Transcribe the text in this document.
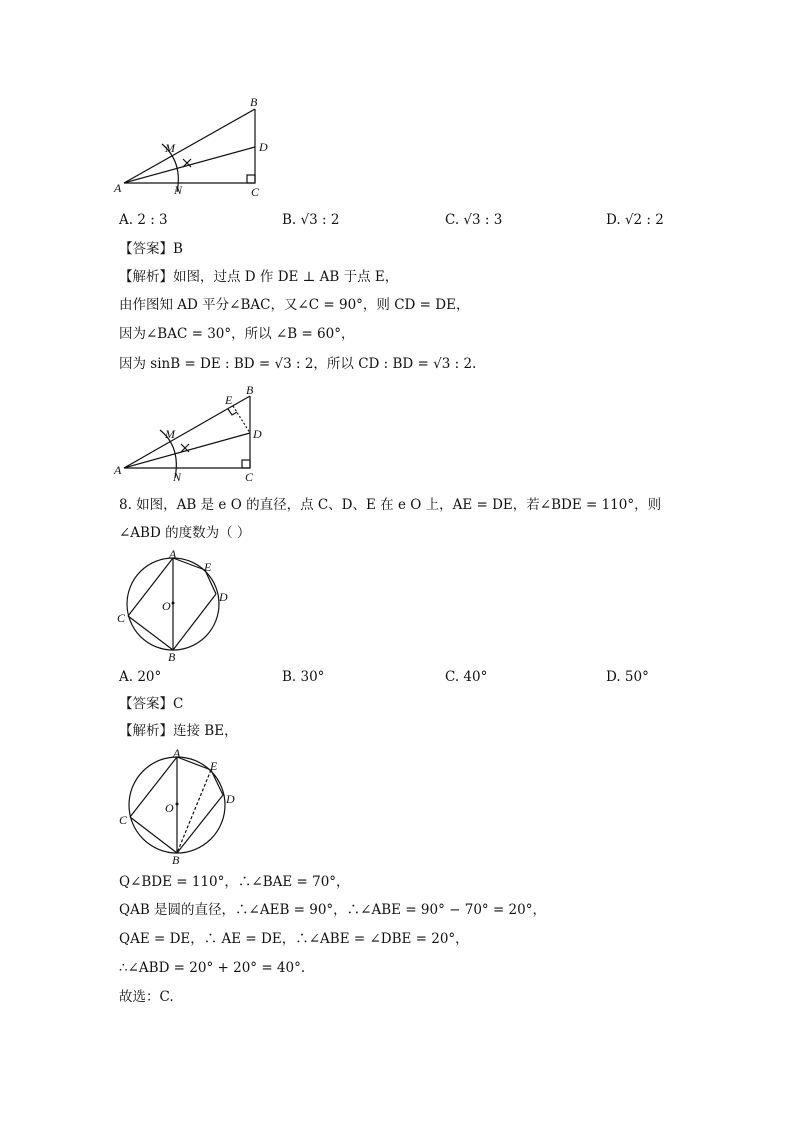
A
B
C
D
M
N
A. 2 : 3	B. √3 : 2	C. √3 : 3	D. √2 : 2
【答案】B
【解析】如图，过点 D 作 DE ⊥ AB 于点 E，
由作图知 AD 平分∠BAC，又∠C = 90°，则 CD = DE，
因为∠BAC = 30°，所以 ∠B = 60°，
因为 sinB = DE : BD = √3 : 2，所以 CD : BD = √3 : 2.
A
B
C
D
E
M
N
8. 如图，AB 是 e O 的直径，点 C、D、E 在 e O 上，AE = DE，若∠BDE = 110°，则
∠ABD 的度数为（ ）
A
B
C
D
E
O
A. 20°	B. 30°	C. 40°	D. 50°
【答案】C
【解析】连接 BE，
A
B
C
D
E
O
Q∠BDE = 110°，∴∠BAE = 70°，
QAB 是圆的直径，∴∠AEB = 90°，∴∠ABE = 90° − 70° = 20°，
QAE = DE，∴ AE = DE，∴∠ABE = ∠DBE = 20°，
∴∠ABD = 20° + 20° = 40°.
故选：C.
